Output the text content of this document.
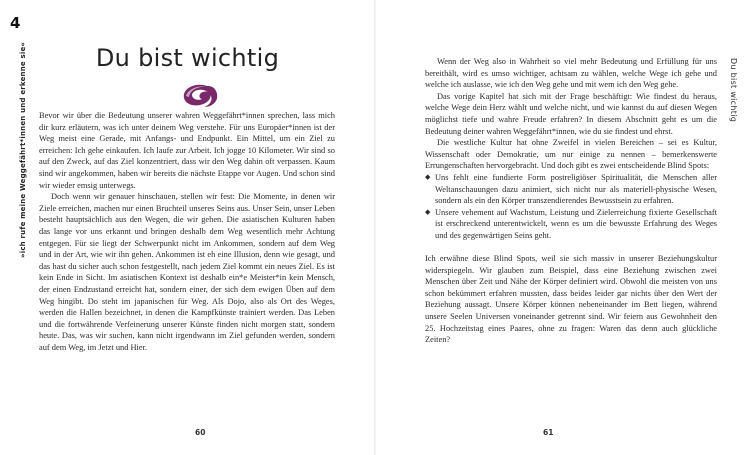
4
»ich rufe meine Weggefährt*innen und erkenne sie«	Du bist wichtig

Bevor wir über die Bedeutung unserer wahren Weggefährt*innen sprechen, lass mich dir kurz erläutern, was ich unter deinem Weg verstehe. Für uns Europäer*innen ist der Weg meist eine Gerade, mit Anfangs- und Endpunkt. Ein Mittel, um ein Ziel zu erreichen: Ich gehe einkaufen. Ich laufe zur Arbeit. Ich jogge 10 Kilometer. Wir sind so auf den Zweck, auf das Ziel konzentriert, dass wir den Weg dahin oft verpassen. Kaum sind wir angekommen, haben wir bereits die nächste Etappe vor Augen. Und schon sind wir wieder emsig unterwegs.

Doch wenn wir genauer hinschauen, stellen wir fest: Die Momente, in denen wir Ziele erreichen, machen nur einen Bruchteil unseres Seins aus. Unser Sein, unser Leben besteht hauptsächlich aus den Wegen, die wir gehen. Die asiatischen Kulturen haben das lange vor uns erkannt und bringen deshalb dem Weg wesentlich mehr Achtung entgegen. Für sie liegt der Schwerpunkt nicht im Ankommen, sondern auf dem Weg und in der Art, wie wir ihn gehen. Ankommen ist eh eine Illusion, denn wie gesagt, und das hast du sicher auch schon festgestellt, nach jedem Ziel kommt ein neues Ziel. Es ist kein Ende in Sicht. Im asiatischen Kontext ist deshalb ein*e Meister*in kein Mensch, der einen Endzustand erreicht hat, sondern einer, der sich dem ewigen Üben auf dem Weg hingibt. Do steht im japanischen für Weg. Als Dojo, also als Ort des Weges, werden die Hallen bezeichnet, in denen die Kampfkünste trainiert werden. Das Leben und die fortwährende Verfeinerung unserer Künste finden nicht morgen statt, sondern heute. Das, was wir suchen, kann nicht irgendwann im Ziel gefunden werden, sondern auf dem Weg, im Jetzt und Hier.

60

Wenn der Weg also in Wahrheit so viel mehr Bedeutung und Erfüllung für uns bereithält, wird es umso wichtiger, achtsam zu wählen, welche Wege ich gehe und welche ich auslasse, wie ich den Weg gehe und mit wem ich den Weg gehe.

Das vorige Kapitel hat sich mit der Frage beschäftigt: Wie findest du heraus, welche Wege dein Herz wählt und welche nicht, und wie kannst du auf diesen Wegen möglichst tiefe und wahre Freude erfahren? In diesem Abschnitt geht es um die Bedeutung deiner wahren Weggefährt*innen, wie du sie findest und ehrst.

Die westliche Kultur hat ohne Zweifel in vielen Bereichen – sei es Kultur, Wissenschaft oder Demokratie, um nur einige zu nennen – bemerkenswerte Errungenschaften hervorgebracht. Und doch gibt es zwei entscheidende Blind Spots:

◆ Uns fehlt eine fundierte Form postreligiöser Spiritualität, die Menschen aller Weltanschauungen dazu animiert, sich nicht nur als materiell-physische Wesen, sondern als ein den Körper transzendierendes Bewusstsein zu erfahren.
◆ Unsere vehement auf Wachstum, Leistung und Zielerreichung fixierte Gesellschaft ist erschreckend unterentwickelt, wenn es um die bewusste Erfahrung des Weges und des gegenwärtigen Seins geht.

Ich erwähne diese Blind Spots, weil sie sich massiv in unserer Beziehungskultur widerspiegeln. Wir glauben zum Beispiel, dass eine Beziehung zwischen zwei Menschen über Zeit und Nähe der Körper definiert wird. Obwohl die meisten von uns schon bekümmert erfahren mussten, dass beides leider gar nichts über den Wert der Beziehung aussagt. Unsere Körper können nebeneinander im Bett liegen, während unsere Seelen Universen voneinander getrennt sind. Wir feiern aus Gewohnheit den 25. Hochzeitstag eines Paares, ohne zu fragen: Waren das denn auch glückliche Zeiten?

Du bist wichtig
61
